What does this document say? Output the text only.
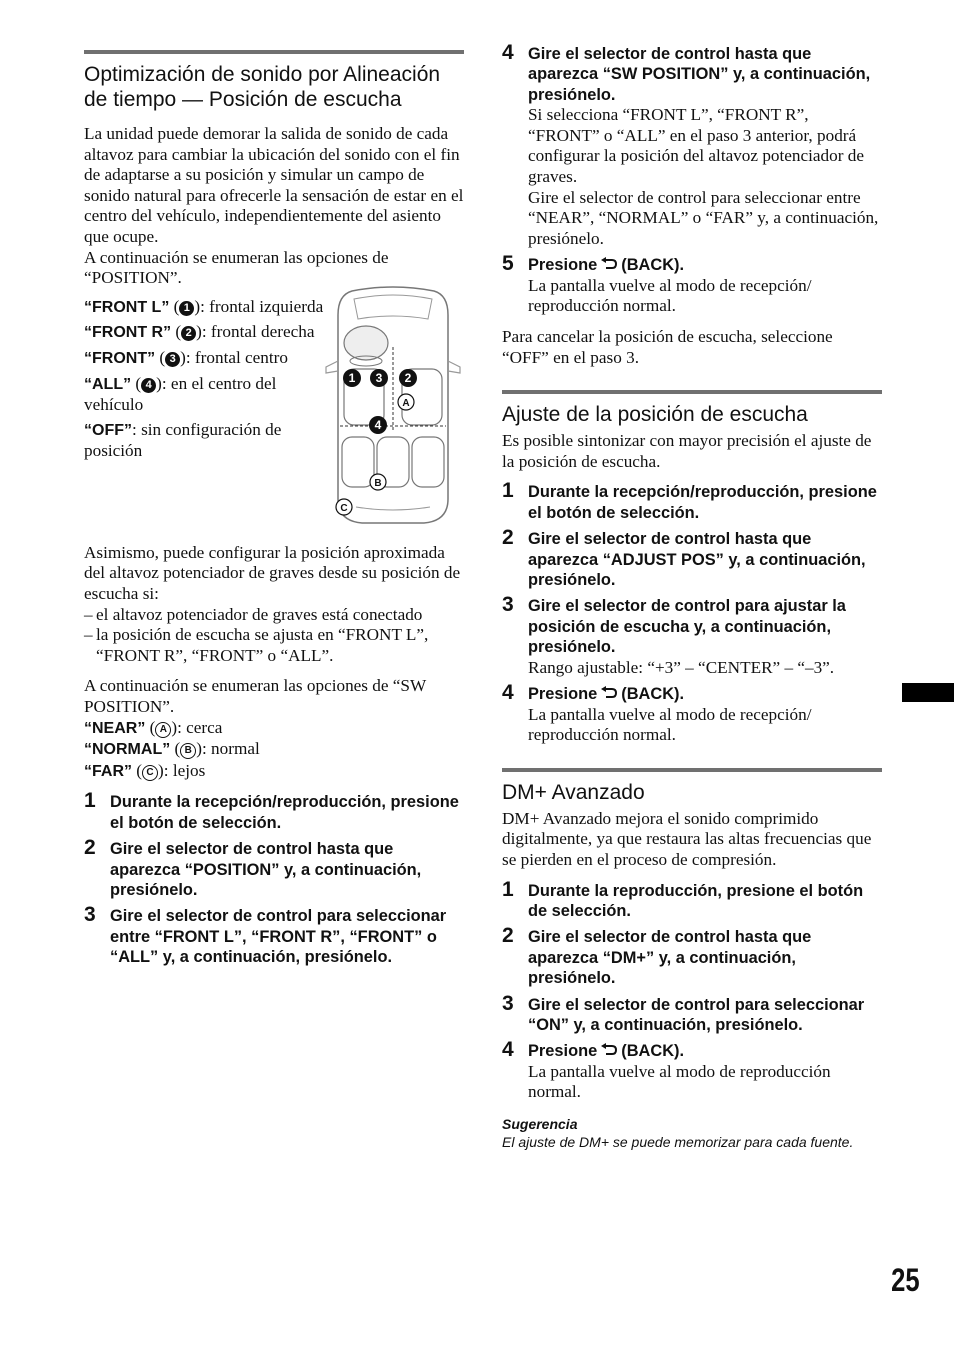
Optimización de sonido por Alineación de tiempo — Posición de escucha

La unidad puede demorar la salida de sonido de cada altavoz para cambiar la ubicación del sonido con el fin de adaptarse a su posición y simular un campo de sonido natural para ofrecerle la sensación de estar en el centro del vehículo, independientemente del asiento que ocupe.

A continuación se enumeran las opciones de “POSITION”.

“FRONT L” ( 1 ): frontal izquierda
“FRONT R” ( 2 ): frontal derecha
“FRONT” ( 3 ): frontal centro
“ALL” ( 4 ): en el centro del vehículo
“OFF”: sin configuración de posición
1 3 2
4
A
B
C

Asimismo, puede configurar la posición aproximada del altavoz potenciador de graves desde su posición de escucha si:

– el altavoz potenciador de graves está conectado
– la posición de escucha se ajusta en “FRONT L”, “FRONT R”, “FRONT” o “ALL”.

A continuación se enumeran las opciones de “SW POSITION”.

“NEAR” ( A ): cerca
“NORMAL” ( B ): normal
“FAR” ( C ): lejos
1 Durante la recepción/reproducción, presione el botón de selección.
2 Gire el selector de control hasta que aparezca “POSITION” y, a continuación, presiónelo.
3 Gire el selector de control para seleccionar entre “FRONT L”, “FRONT R”, “FRONT” o “ALL” y, a continuación, presiónelo.
4 Gire el selector de control hasta que aparezca “SW POSITION” y, a continuación, presiónelo.
Si selecciona “FRONT L”, “FRONT R”, “FRONT” o “ALL” en el paso 3 anterior, podrá configurar la posición del altavoz potenciador de graves.
Gire el selector de control para seleccionar entre “NEAR”, “NORMAL” o “FAR” y, a continuación, presiónelo.
5 Presione (BACK).
La pantalla vuelve al modo de recepción/ reproducción normal.

Para cancelar la posición de escucha, seleccione “OFF” en el paso 3.

Ajuste de la posición de escucha

Es posible sintonizar con mayor precisión el ajuste de la posición de escucha.

1 Durante la recepción/reproducción, presione el botón de selección.
2 Gire el selector de control hasta que aparezca “ADJUST POS” y, a continuación, presiónelo.
3 Gire el selector de control para ajustar la posición de escucha y, a continuación, presiónelo.
Rango ajustable: “+3” – “CENTER” – “–3”.
4 Presione (BACK).
La pantalla vuelve al modo de recepción/ reproducción normal.
DM+ Avanzado

DM+ Avanzado mejora el sonido comprimido digitalmente, ya que restaura las altas frecuencias que se pierden en el proceso de compresión.

1 Durante la reproducción, presione el botón de selección.
2 Gire el selector de control hasta que aparezca “DM+” y, a continuación, presiónelo.
3 Gire el selector de control para seleccionar “ON” y, a continuación, presiónelo.
4 Presione (BACK).
La pantalla vuelve al modo de reproducción normal.
Sugerencia
El ajuste de DM+ se puede memorizar para cada fuente.
25
